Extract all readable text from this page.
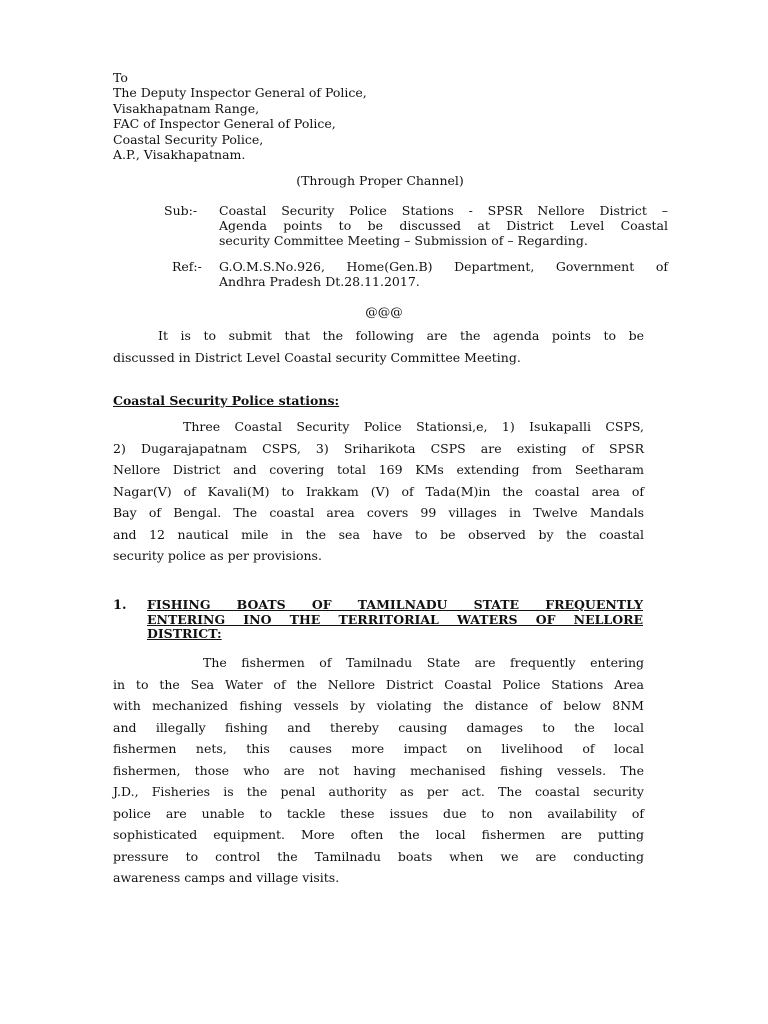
To
The Deputy Inspector General of Police,
Visakhapatnam Range,
FAC of Inspector General of Police,
Coastal Security Police,
A.P., Visakhapatnam.
(Through Proper Channel)
Sub:- Coastal Security Police Stations - SPSR Nellore District –
Agenda points to be discussed at District Level Coastal
security Committee Meeting – Submission of – Regarding.
Ref:- G.O.M.S.No.926, Home(Gen.B) Department, Government of
Andhra Pradesh Dt.28.11.2017.
@@@
It is to submit that the following are the agenda points to be
discussed in District Level Coastal security Committee Meeting.
Coastal Security Police stations:
Three Coastal Security Police Stationsi,e, 1) Isukapalli CSPS,
2) Dugarajapatnam CSPS, 3) Sriharikota CSPS are existing of SPSR
Nellore District and covering total 169 KMs extending from Seetharam
Nagar(V) of Kavali(M) to Irakkam (V) of Tada(M)in the coastal area of
Bay of Bengal. The coastal area covers 99 villages in Twelve Mandals
and 12 nautical mile in the sea have to be observed by the coastal
security police as per provisions.
1. FISHING BOATS OF TAMILNADU STATE FREQUENTLY
ENTERING INO THE TERRITORIAL WATERS OF NELLORE
DISTRICT:
The fishermen of Tamilnadu State are frequently entering
in to the Sea Water of the Nellore District Coastal Police Stations Area
with mechanized fishing vessels by violating the distance of below 8NM
and illegally fishing and thereby causing damages to the local
fishermen nets, this causes more impact on livelihood of local
fishermen, those who are not having mechanised fishing vessels. The
J.D., Fisheries is the penal authority as per act. The coastal security
police are unable to tackle these issues due to non availability of
sophisticated equipment. More often the local fishermen are putting
pressure to control the Tamilnadu boats when we are conducting
awareness camps and village visits.
